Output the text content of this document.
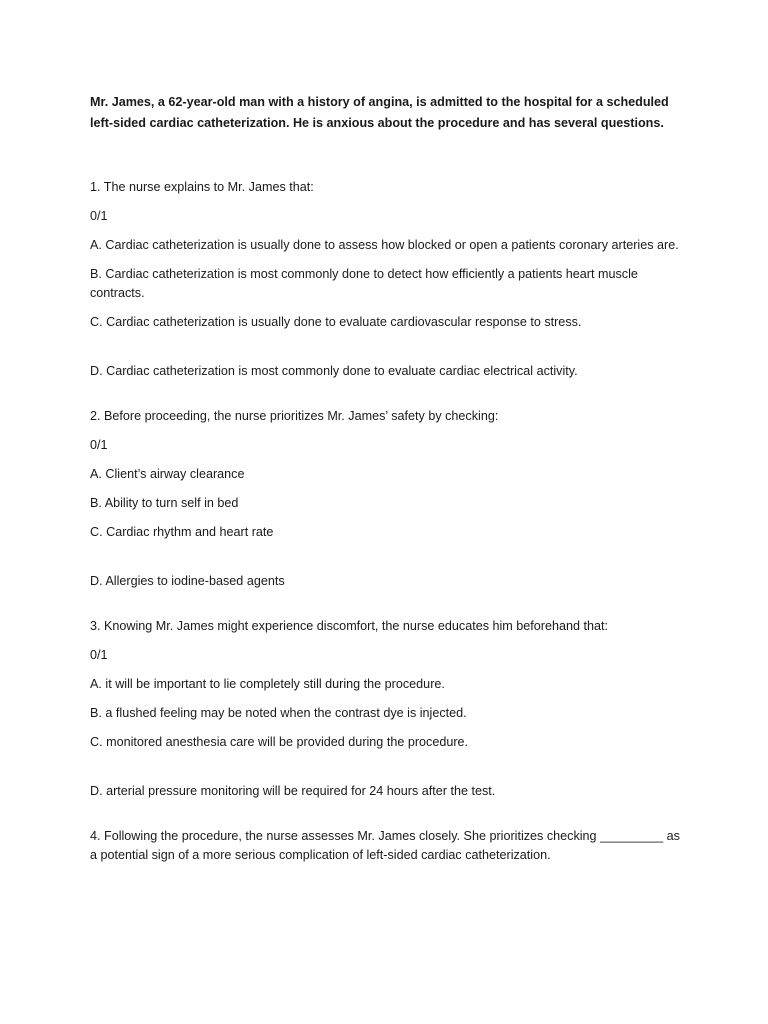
Mr. James, a 62-year-old man with a history of angina, is admitted to the hospital for a scheduled left-sided cardiac catheterization. He is anxious about the procedure and has several questions.

1. The nurse explains to Mr. James that:

0/1

A. Cardiac catheterization is usually done to assess how blocked or open a patients coronary arteries are.

B. Cardiac catheterization is most commonly done to detect how efficiently a patients heart muscle contracts.

C. Cardiac catheterization is usually done to evaluate cardiovascular response to stress.

D. Cardiac catheterization is most commonly done to evaluate cardiac electrical activity.

2. Before proceeding, the nurse prioritizes Mr. James’ safety by checking:

0/1

A. Client’s airway clearance

B. Ability to turn self in bed

C. Cardiac rhythm and heart rate

D. Allergies to iodine-based agents

3. Knowing Mr. James might experience discomfort, the nurse educates him beforehand that:

0/1

A. it will be important to lie completely still during the procedure.

B. a flushed feeling may be noted when the contrast dye is injected.

C. monitored anesthesia care will be provided during the procedure.

D. arterial pressure monitoring will be required for 24 hours after the test.

4. Following the procedure, the nurse assesses Mr. James closely. She prioritizes checking _________ as a potential sign of a more serious complication of left-sided cardiac catheterization.
